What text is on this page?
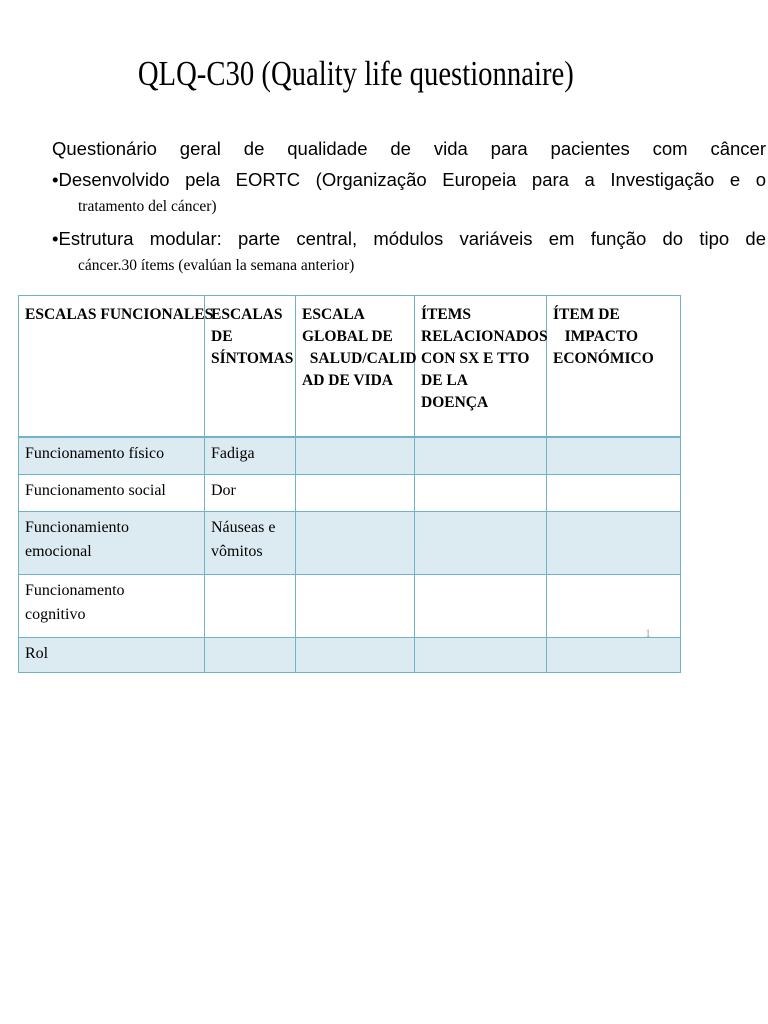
QLQ-C30 (Quality life questionnaire)
Questionário geral de qualidade de vida para pacientes com câncer
•Desenvolvido pela EORTC (Organização Europeia para a Investigação e o
tratamento del cáncer)
•Estrutura modular: parte central, módulos variáveis em função do tipo de
cáncer.30 ítems (evalúan la semana anterior)
ESCALAS FUNCIONALES	ESCALAS
DE
SÍNTOMAS	ESCALA
GLOBAL DE
SALUD/CALID
AD DE VIDA	ÍTEMS
RELACIONADOS
CON SX E TTO
DE LA
DOENÇA	ÍTEM DE
IMPACTO
ECONÓMICO
Funcionamento físico	Fadiga			
Funcionamento social	Dor			
Funcionamiento
emocional	Náuseas e
vômitos			
Funcionamento
cognitivo				
Rol				
1
